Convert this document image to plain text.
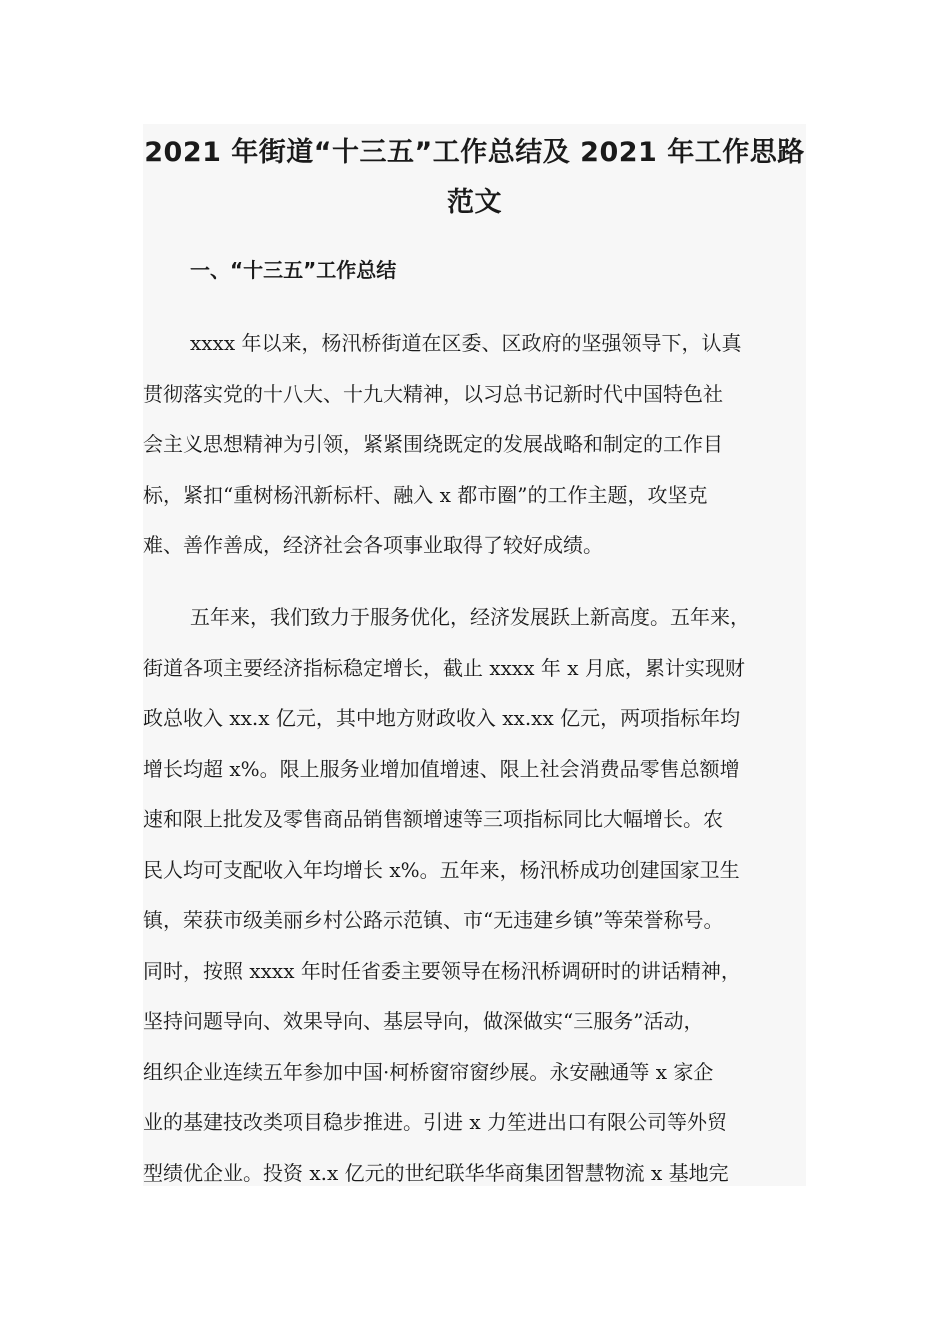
2021 年街道“十三五”工作总结及 2021 年工作思路
范文
一、“十三五”工作总结
xxxx 年以来，杨汛桥街道在区委、区政府的坚强领导下，认真
贯彻落实党的十八大、十九大精神，以习总书记新时代中国特色社
会主义思想精神为引领，紧紧围绕既定的发展战略和制定的工作目
标，紧扣“重树杨汛新标杆、融入 x 都市圈”的工作主题，攻坚克
难、善作善成，经济社会各项事业取得了较好成绩。
五年来，我们致力于服务优化，经济发展跃上新高度。五年来，
街道各项主要经济指标稳定增长，截止 xxxx 年 x 月底，累计实现财
政总收入 xx.x 亿元，其中地方财政收入 xx.xx 亿元，两项指标年均
增长均超 x%。限上服务业增加值增速、限上社会消费品零售总额增
速和限上批发及零售商品销售额增速等三项指标同比大幅增长。农
民人均可支配收入年均增长 x%。五年来，杨汛桥成功创建国家卫生
镇，荣获市级美丽乡村公路示范镇、市“无违建乡镇”等荣誉称号。
同时，按照 xxxx 年时任省委主要领导在杨汛桥调研时的讲话精神，
坚持问题导向、效果导向、基层导向，做深做实“三服务”活动，
组织企业连续五年参加中国·柯桥窗帘窗纱展。永安融通等 x 家企
业的基建技改类项目稳步推进。引进 x 力笙进出口有限公司等外贸
型绩优企业。投资 x.x 亿元的世纪联华华商集团智慧物流 x 基地完
